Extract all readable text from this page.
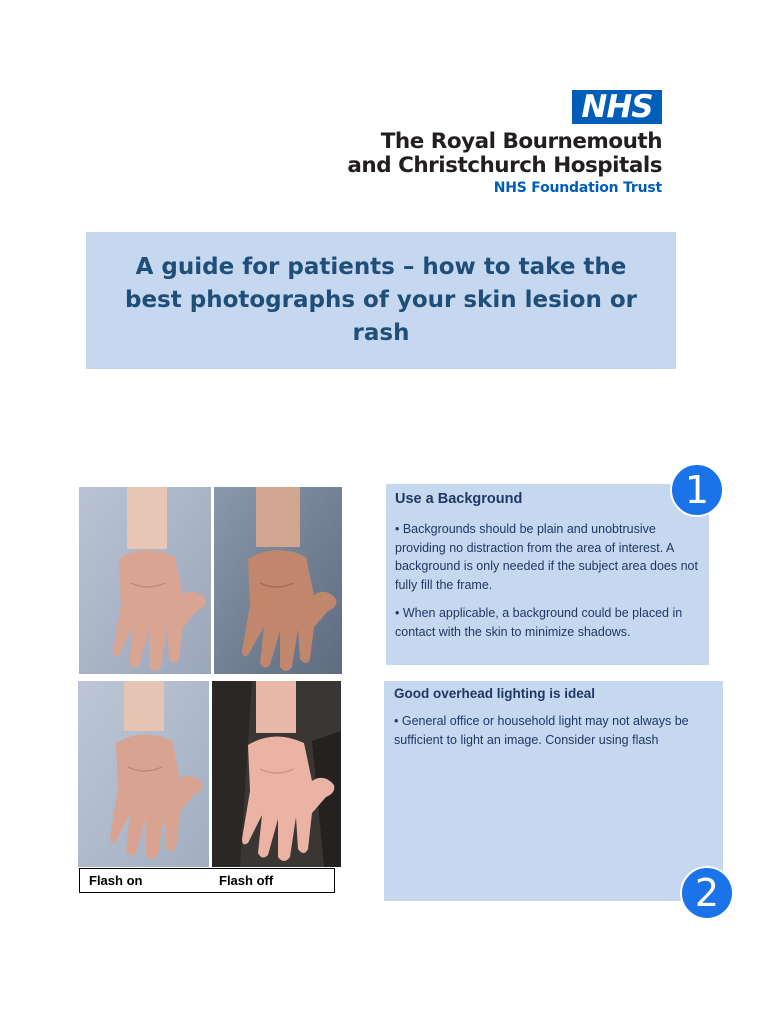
NHS
The Royal Bournemouth
and Christchurch Hospitals
NHS Foundation Trust
A guide for patients – how to take the best photographs of your skin lesion or rash
Flash on	Flash off
Use a Background

• Backgrounds should be plain and unobtrusive providing no distraction from the area of interest. A background is only needed if the subject area does not fully fill the frame.

• When applicable, a background could be placed in contact with the skin to minimize shadows.

1
Good overhead lighting is ideal

• General office or household light may not always be sufficient to light an image. Consider using flash

2
